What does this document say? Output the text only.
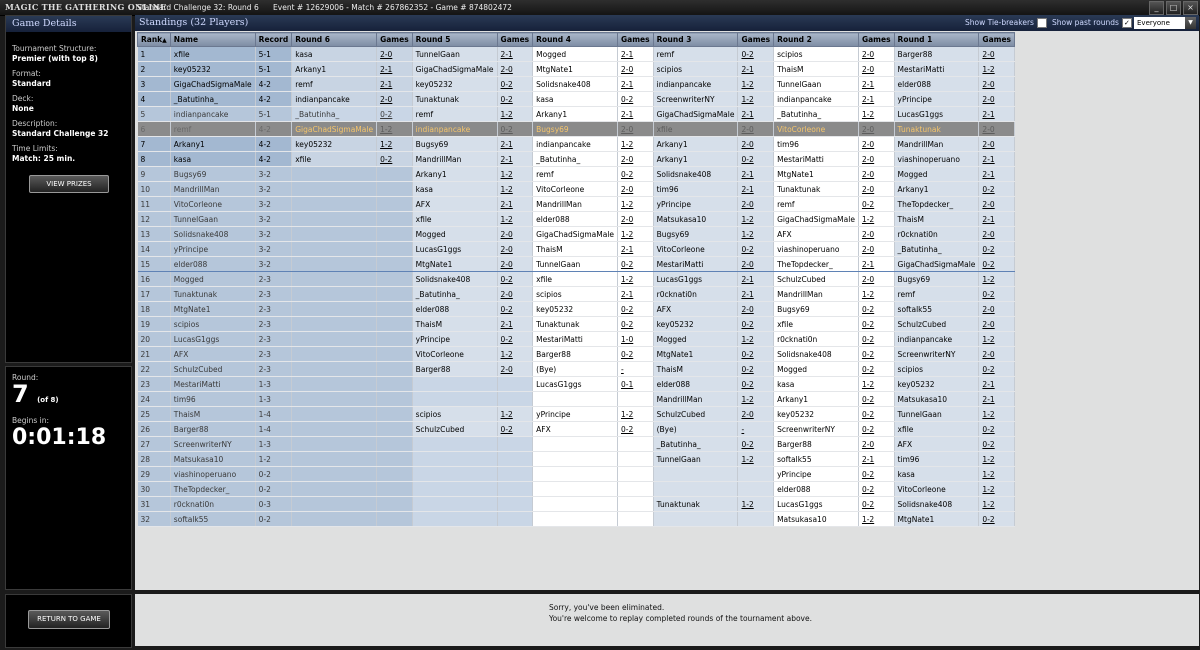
MAGIC THE GATHERING ONLINE
Standard Challenge 32: Round 6 Event # 12629006 - Match # 267862352 - Game # 874802472	_ □ ×
Game Details
Tournament Structure:
Premier (with top 8)
Format:
Standard
Deck:
None
Description:
Standard Challenge 32
Time Limits:
Match: 25 min.
VIEW PRIZES
Round:
7 (of 8)
Begins in:
0:01:18
RETURN TO GAME
Standings (32 Players)	Show Tie-breakers	Show past rounds ✓	Everyone	▼
Rank▲	Name	Record	Round 6	Games	Round 5	Games	Round 4	Games	Round 3	Games	Round 2	Games	Round 1	Games
1	xfile	5-1	kasa	2-0	TunnelGaan	2-1	Mogged	2-1	remf	0-2	scipios	2-0	Barger88	2-0
2	key05232	5-1	Arkany1	2-1	GigaChadSigmaMale	2-0	MtgNate1	2-0	scipios	2-1	ThaisM	2-0	MestariMatti	1-2
3	GigaChadSigmaMale	4-2	remf	2-1	key05232	0-2	Solidsnake408	2-1	indianpancake	1-2	TunnelGaan	2-1	elder088	2-0
4	_Batutinha_	4-2	indianpancake	2-0	Tunaktunak	0-2	kasa	0-2	ScreenwriterNY	1-2	indianpancake	2-1	yPrincipe	2-0
5	indianpancake	5-1	_Batutinha_	0-2	remf	1-2	Arkany1	2-1	GigaChadSigmaMale	2-1	_Batutinha_	1-2	LucasG1ggs	2-1
6	remf	4-2	GigaChadSigmaMale	1-2	indianpancake	0-2	Bugsy69	2-0	xfile	2-0	VitoCorleone	2-0	Tunaktunak	2-0
7	Arkany1	4-2	key05232	1-2	Bugsy69	2-1	indianpancake	1-2	Arkany1	2-0	tim96	2-0	MandrillMan	2-0
8	kasa	4-2	xfile	0-2	MandrillMan	2-1	_Batutinha_	2-0	Arkany1	0-2	MestariMatti	2-0	viashinoperuano	2-1
9	Bugsy69	3-2			Arkany1	1-2	remf	0-2	Solidsnake408	2-1	MtgNate1	2-0	Mogged	2-1
10	MandrillMan	3-2			kasa	1-2	VitoCorleone	2-0	tim96	2-1	Tunaktunak	2-0	Arkany1	0-2
11	VitoCorleone	3-2			AFX	2-1	MandrillMan	1-2	yPrincipe	2-0	remf	0-2	TheTopdecker_	2-0
12	TunnelGaan	3-2			xfile	1-2	elder088	2-0	Matsukasa10	1-2	GigaChadSigmaMale	1-2	ThaisM	2-1
13	Solidsnake408	3-2			Mogged	2-0	GigaChadSigmaMale	1-2	Bugsy69	1-2	AFX	2-0	r0cknati0n	2-0
14	yPrincipe	3-2			LucasG1ggs	2-0	ThaisM	2-1	VitoCorleone	0-2	viashinoperuano	2-0	_Batutinha_	0-2
15	elder088	3-2			MtgNate1	2-0	TunnelGaan	0-2	MestariMatti	2-0	TheTopdecker_	2-1	GigaChadSigmaMale	0-2
16	Mogged	2-3			Solidsnake408	0-2	xfile	1-2	LucasG1ggs	2-1	SchulzCubed	2-0	Bugsy69	1-2
17	Tunaktunak	2-3			_Batutinha_	2-0	scipios	2-1	r0cknati0n	2-1	MandrillMan	1-2	remf	0-2
18	MtgNate1	2-3			elder088	0-2	key05232	0-2	AFX	2-0	Bugsy69	0-2	softalk55	2-0
19	scipios	2-3			ThaisM	2-1	Tunaktunak	0-2	key05232	0-2	xfile	0-2	SchulzCubed	2-0
20	LucasG1ggs	2-3			yPrincipe	0-2	MestariMatti	1-0	Mogged	1-2	r0cknati0n	0-2	indianpancake	1-2
21	AFX	2-3			VitoCorleone	1-2	Barger88	0-2	MtgNate1	0-2	Solidsnake408	0-2	ScreenwriterNY	2-0
22	SchulzCubed	2-3			Barger88	2-0	(Bye)	-	ThaisM	0-2	Mogged	0-2	scipios	0-2
23	MestariMatti	1-3					LucasG1ggs	0-1	elder088	0-2	kasa	1-2	key05232	2-1
24	tim96	1-3							MandrillMan	1-2	Arkany1	0-2	Matsukasa10	2-1
25	ThaisM	1-4			scipios	1-2	yPrincipe	1-2	SchulzCubed	2-0	key05232	0-2	TunnelGaan	1-2
26	Barger88	1-4			SchulzCubed	0-2	AFX	0-2	(Bye)	-	ScreenwriterNY	0-2	xfile	0-2
27	ScreenwriterNY	1-3							_Batutinha_	0-2	Barger88	2-0	AFX	0-2
28	Matsukasa10	1-2							TunnelGaan	1-2	softalk55	2-1	tim96	1-2
29	viashinoperuano	0-2									yPrincipe	0-2	kasa	1-2
30	TheTopdecker_	0-2									elder088	0-2	VitoCorleone	1-2
31	r0cknati0n	0-3							Tunaktunak	1-2	LucasG1ggs	0-2	Solidsnake408	1-2
32	softalk55	0-2									Matsukasa10	1-2	MtgNate1	0-2
Sorry, you've been eliminated.
You're welcome to replay completed rounds of the tournament above.
